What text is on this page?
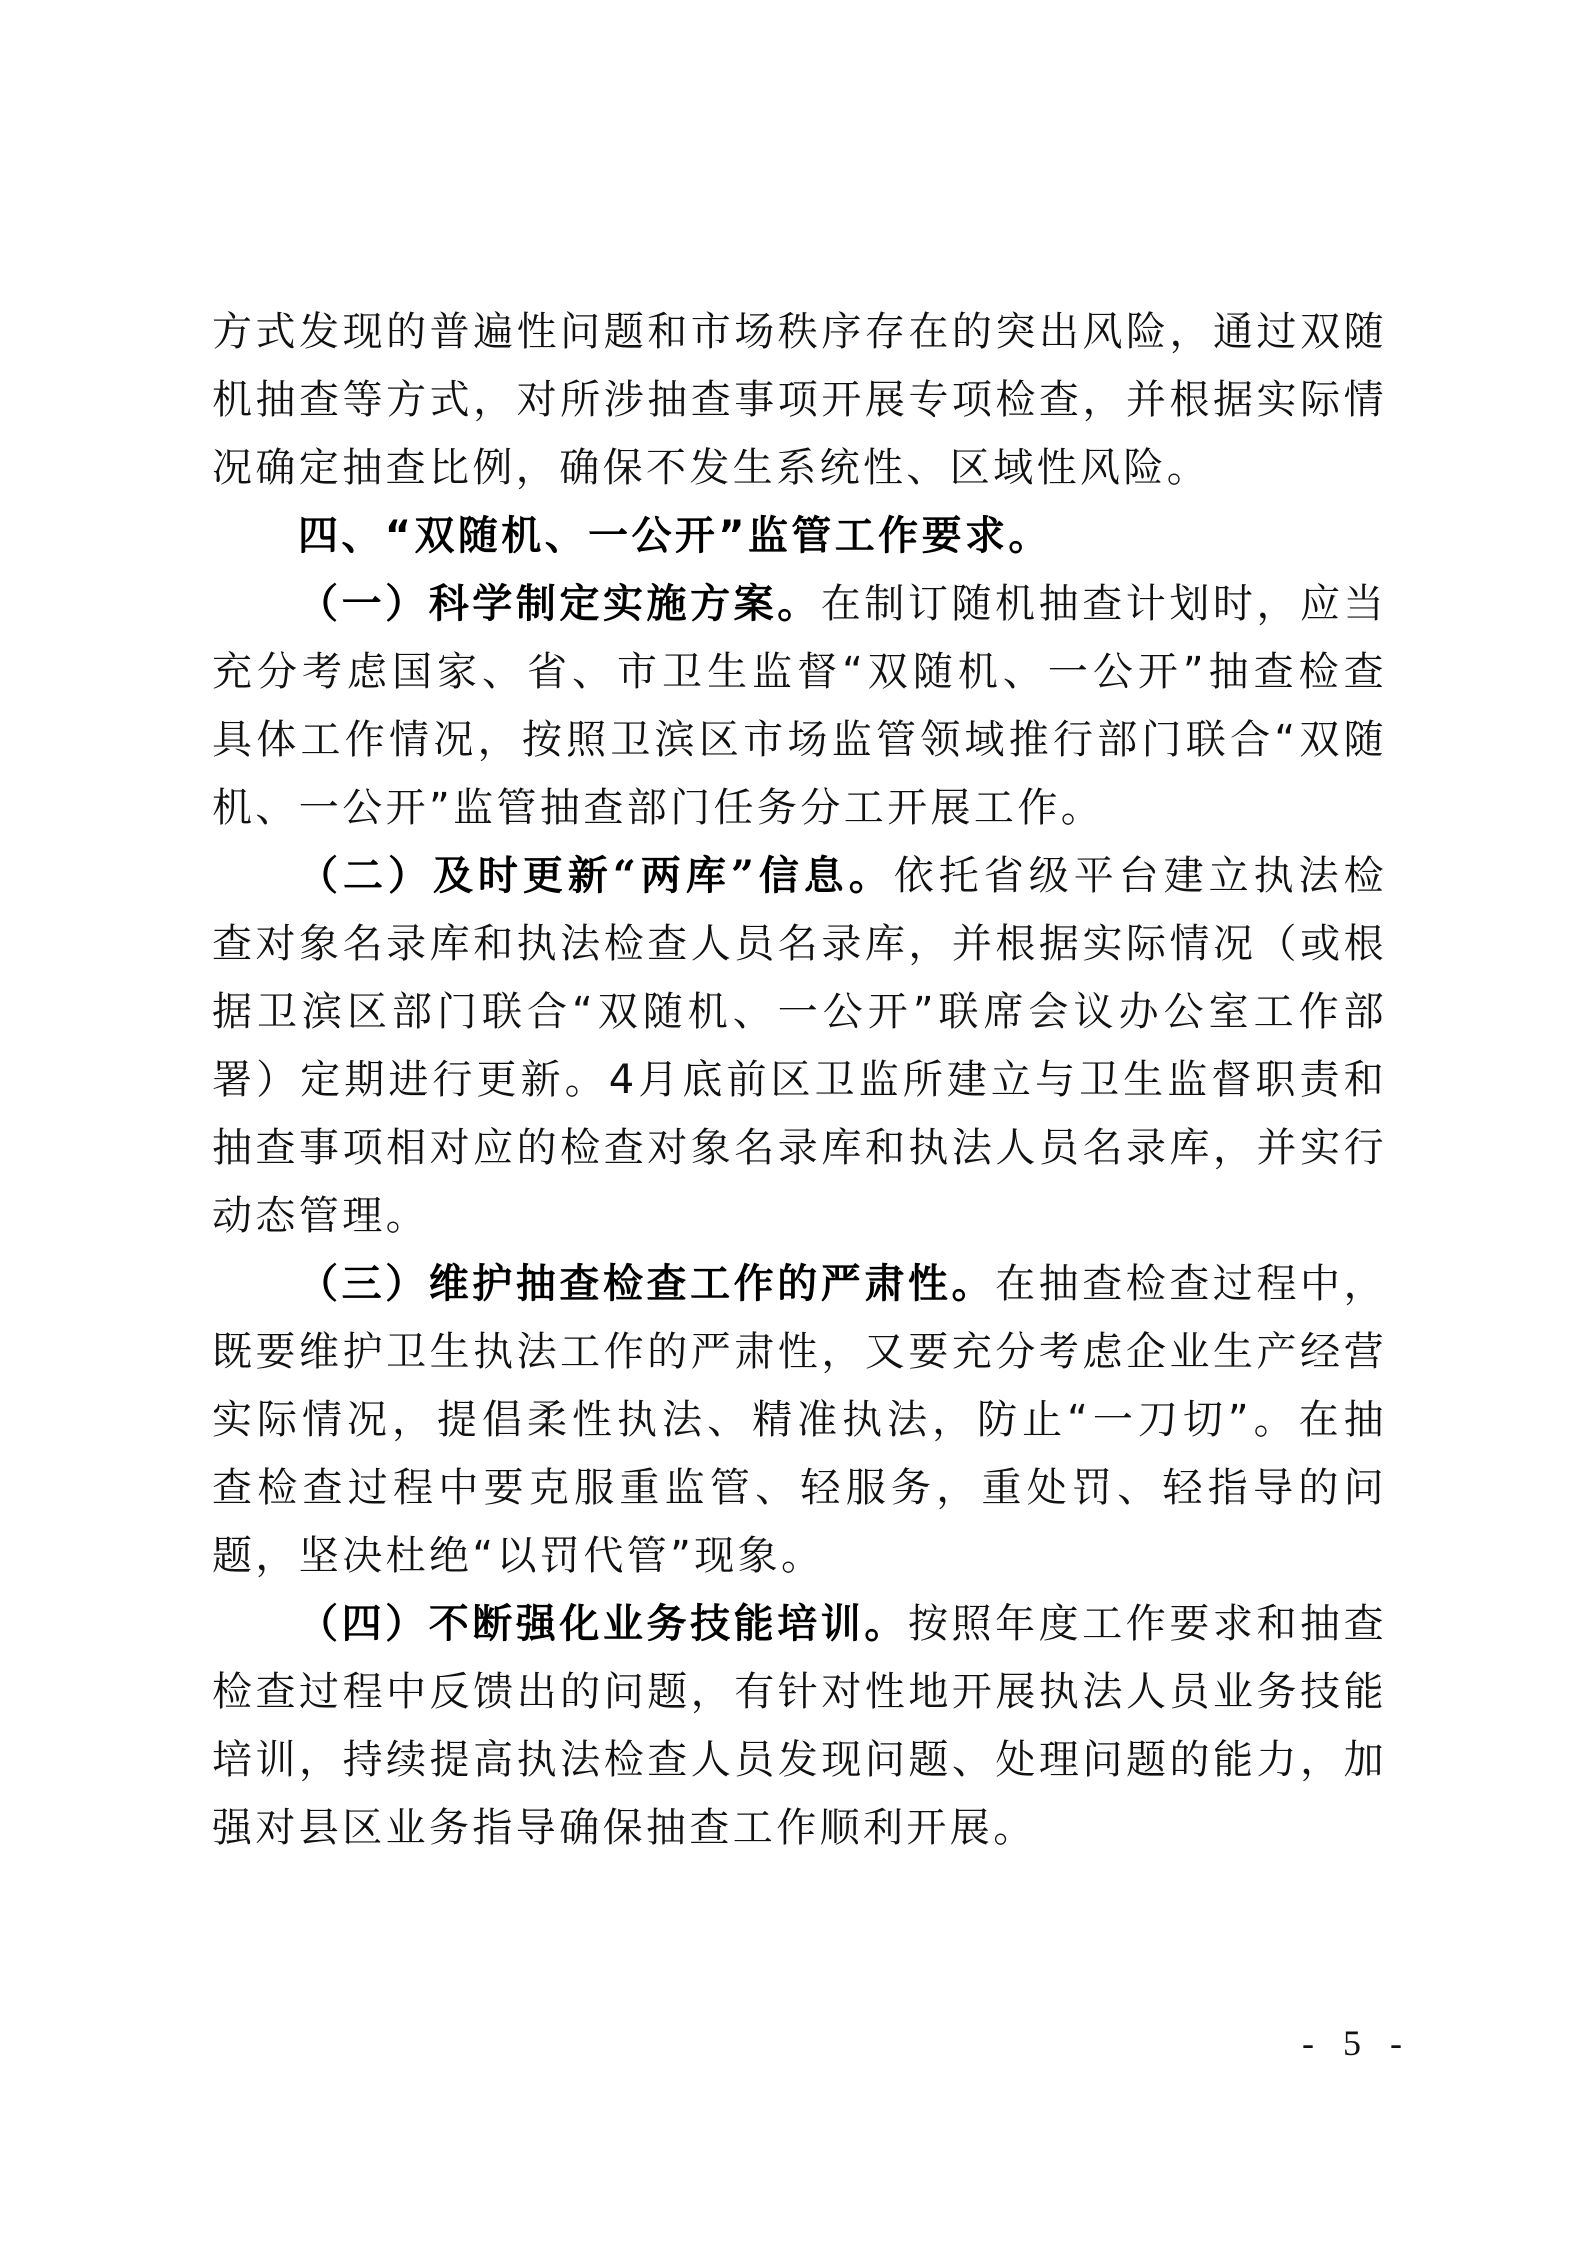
方式发现的普遍性问题和市场秩序存在的突出风险，通过双随机抽查等方式，对所涉抽查事项开展专项检查，并根据实际情况确定抽查比例，确保不发生系统性、区域性风险。

四、“双随机、一公开”监管工作要求。

（一）科学制定实施方案。在制订随机抽查计划时，应当充分考虑国家、省、市卫生监督“双随机、一公开”抽查检查具体工作情况，按照卫滨区市场监管领域推行部门联合“双随机、一公开”监管抽查部门任务分工开展工作。

（二）及时更新“两库”信息。依托省级平台建立执法检查对象名录库和执法检查人员名录库，并根据实际情况（或根据卫滨区部门联合“双随机、一公开”联席会议办公室工作部署）定期进行更新。4月底前区卫监所建立与卫生监督职责和抽查事项相对应的检查对象名录库和执法人员名录库，并实行动态管理。

（三）维护抽查检查工作的严肃性。在抽查检查过程中，既要维护卫生执法工作的严肃性，又要充分考虑企业生产经营实际情况，提倡柔性执法、精准执法，防止“一刀切”。在抽查检查过程中要克服重监管、轻服务，重处罚、轻指导的问题，坚决杜绝“以罚代管”现象。

（四）不断强化业务技能培训。按照年度工作要求和抽查检查过程中反馈出的问题，有针对性地开展执法人员业务技能培训，持续提高执法检查人员发现问题、处理问题的能力，加强对县区业务指导确保抽查工作顺利开展。

- 5 -
